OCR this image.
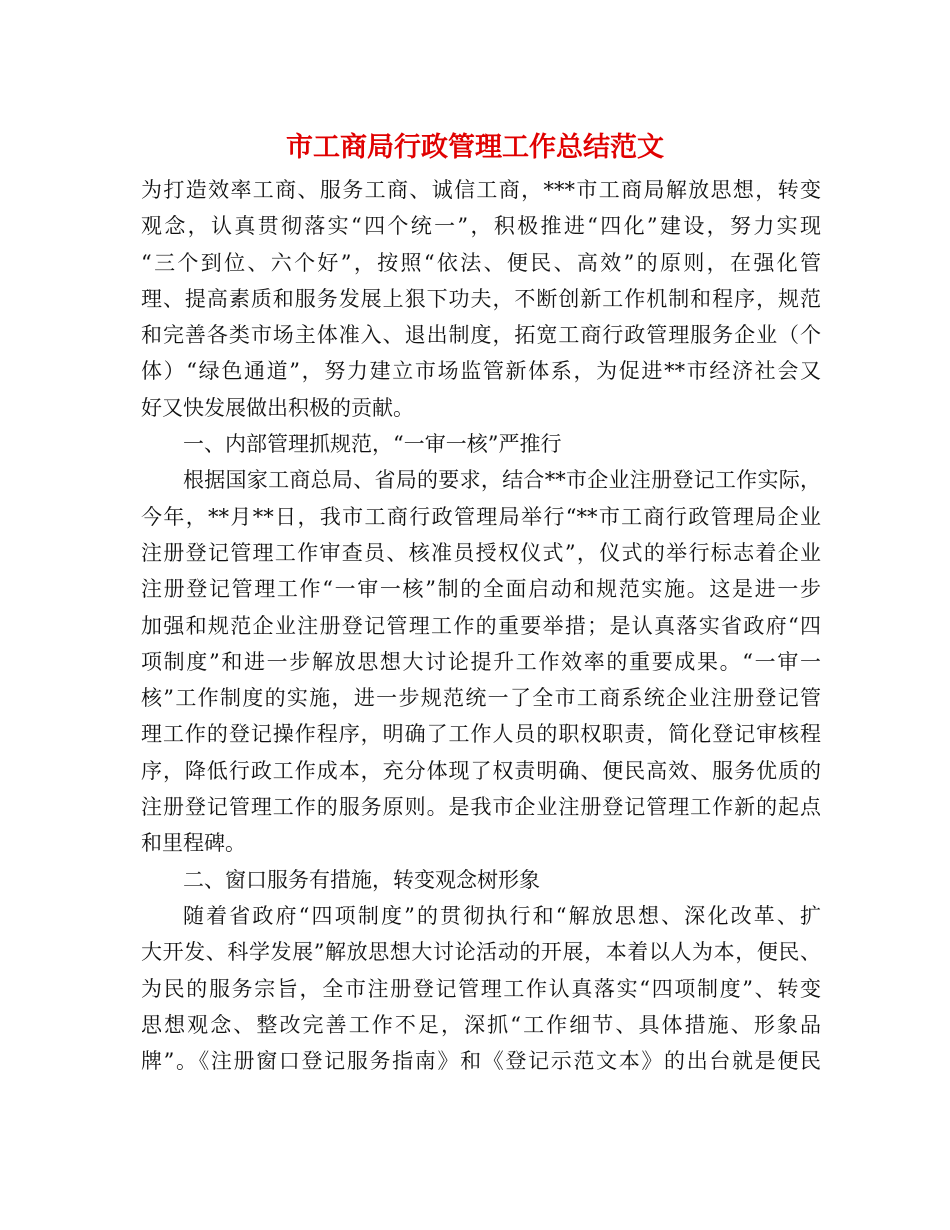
市工商局行政管理工作总结范文
为打造效率工商、服务工商、诚信工商，***市工商局解放思想，转变
观念，认真贯彻落实“四个统一”，积极推进“四化”建设，努力实现
“三个到位、六个好”，按照“依法、便民、高效”的原则，在强化管
理、提高素质和服务发展上狠下功夫，不断创新工作机制和程序，规范
和完善各类市场主体准入、退出制度，拓宽工商行政管理服务企业（个
体）“绿色通道”，努力建立市场监管新体系，为促进**市经济社会又
好又快发展做出积极的贡献。
一、内部管理抓规范，“一审一核”严推行
根据国家工商总局、省局的要求，结合**市企业注册登记工作实际，
今年，**月**日，我市工商行政管理局举行“**市工商行政管理局企业
注册登记管理工作审查员、核准员授权仪式”，仪式的举行标志着企业
注册登记管理工作“一审一核”制的全面启动和规范实施。这是进一步
加强和规范企业注册登记管理工作的重要举措；是认真落实省政府“四
项制度”和进一步解放思想大讨论提升工作效率的重要成果。“一审一
核”工作制度的实施，进一步规范统一了全市工商系统企业注册登记管
理工作的登记操作程序，明确了工作人员的职权职责，简化登记审核程
序，降低行政工作成本，充分体现了权责明确、便民高效、服务优质的
注册登记管理工作的服务原则。是我市企业注册登记管理工作新的起点
和里程碑。
二、窗口服务有措施，转变观念树形象
随着省政府“四项制度”的贯彻执行和“解放思想、深化改革、扩
大开发、科学发展”解放思想大讨论活动的开展，本着以人为本，便民、
为民的服务宗旨，全市注册登记管理工作认真落实“四项制度”、转变
思想观念、整改完善工作不足，深抓“工作细节、具体措施、形象品
牌”。《注册窗口登记服务指南》和《登记示范文本》的出台就是便民
